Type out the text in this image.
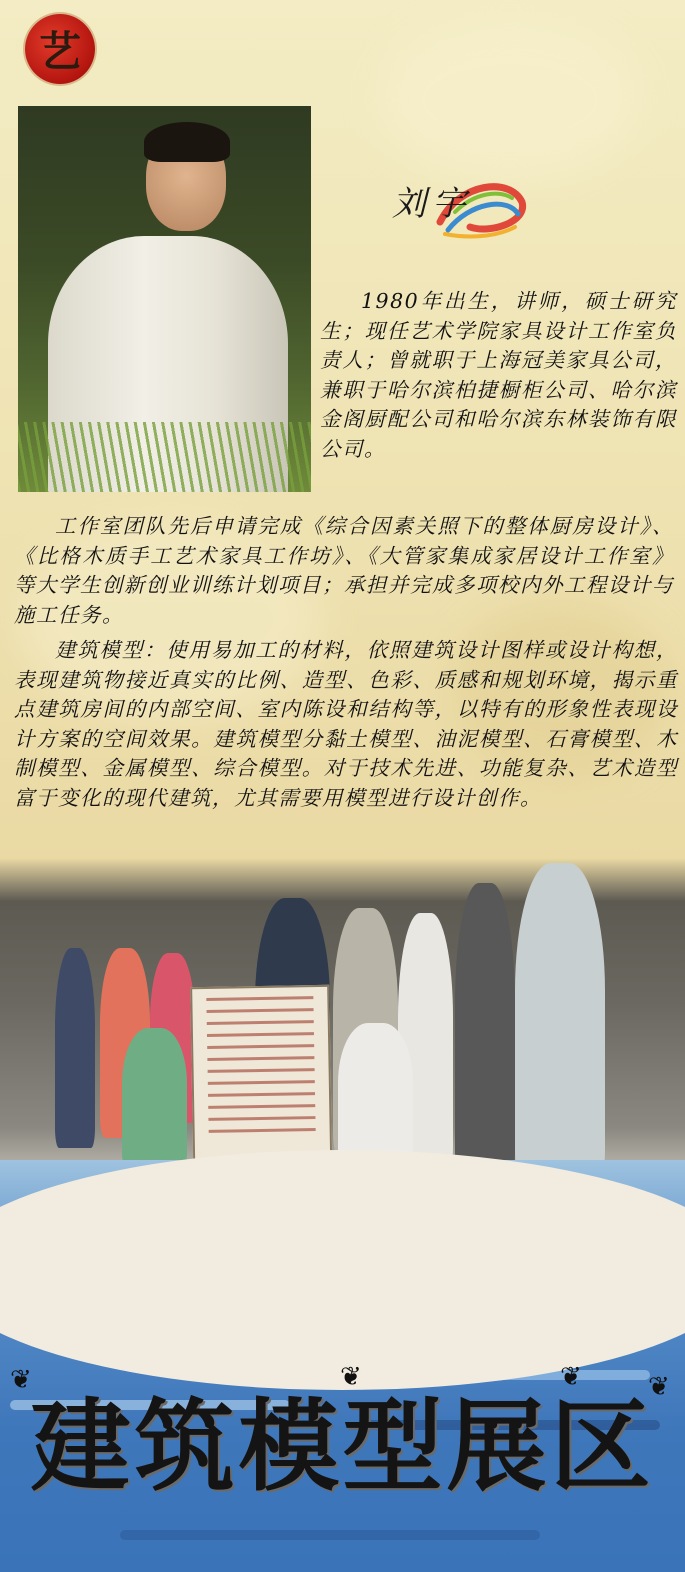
艺
刘宇
1980年出生，讲师，硕士研究生；现任艺术学院家具设计工作室负责人；曾就职于上海冠美家具公司，兼职于哈尔滨柏捷橱柜公司、哈尔滨金阁厨配公司和哈尔滨东林装饰有限公司。
工作室团队先后申请完成《综合因素关照下的整体厨房设计》、《比格木质手工艺术家具工作坊》、《大管家集成家居设计工作室》等大学生创新创业训练计划项目；承担并完成多项校内外工程设计与施工任务。
建筑模型：使用易加工的材料，依照建筑设计图样或设计构想，表现建筑物接近真实的比例、造型、色彩、质感和规划环境，揭示重点建筑房间的内部空间、室内陈设和结构等，以特有的形象性表现设计方案的空间效果。建筑模型分黏土模型、油泥模型、石膏模型、木制模型、金属模型、综合模型。对于技术先进、功能复杂、艺术造型富于变化的现代建筑，尤其需要用模型进行设计创作。
❦	❦	❦	❦
建筑模型展区
